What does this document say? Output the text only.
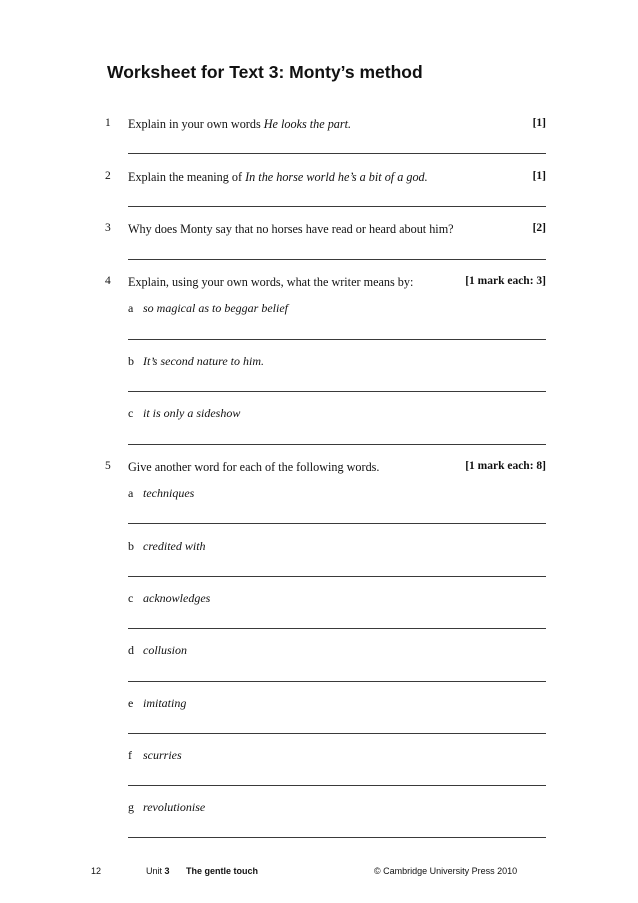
Worksheet for Text 3: Monty’s method
1 Explain in your own words He looks the part.	[1]
2 Explain the meaning of In the horse world he’s a bit of a god.	[1]
3 Why does Monty say that no horses have read or heard about him?	[2]
4 Explain, using your own words, what the writer means by:	[1 mark each: 3]
a so magical as to beggar belief
b It’s second nature to him.
c it is only a sideshow
5 Give another word for each of the following words.	[1 mark each: 8]
a techniques
b credited with
c acknowledges
d collusion
e imitating
f scurries
g revolutionise
12	Unit 3 The gentle touch	© Cambridge University Press 2010
